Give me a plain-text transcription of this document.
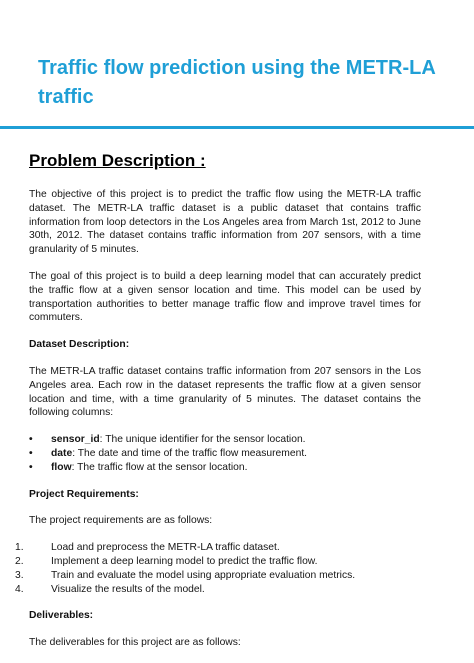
Traffic flow prediction using the METR-LA traffic
Problem Description :

The objective of this project is to predict the traffic flow using the METR-LA traffic dataset. The METR-LA traffic dataset is a public dataset that contains traffic information from loop detectors in the Los Angeles area from March 1st, 2012 to June 30th, 2012. The dataset contains traffic information from 207 sensors, with a time granularity of 5 minutes.

The goal of this project is to build a deep learning model that can accurately predict the traffic flow at a given sensor location and time. This model can be used by transportation authorities to better manage traffic flow and improve travel times for commuters.

Dataset Description:

The METR-LA traffic dataset contains traffic information from 207 sensors in the Los Angeles area. Each row in the dataset represents the traffic flow at a given sensor location and time, with a time granularity of 5 minutes. The dataset contains the following columns:

• sensor_id: The unique identifier for the sensor location.
• date: The date and time of the traffic flow measurement.
• flow: The traffic flow at the sensor location.
Project Requirements:

The project requirements are as follows:

1.	Load and preprocess the METR-LA traffic dataset.
2.	Implement a deep learning model to predict the traffic flow.
3.	Train and evaluate the model using appropriate evaluation metrics.
4.	Visualize the results of the model.
Deliverables:

The deliverables for this project are as follows:
